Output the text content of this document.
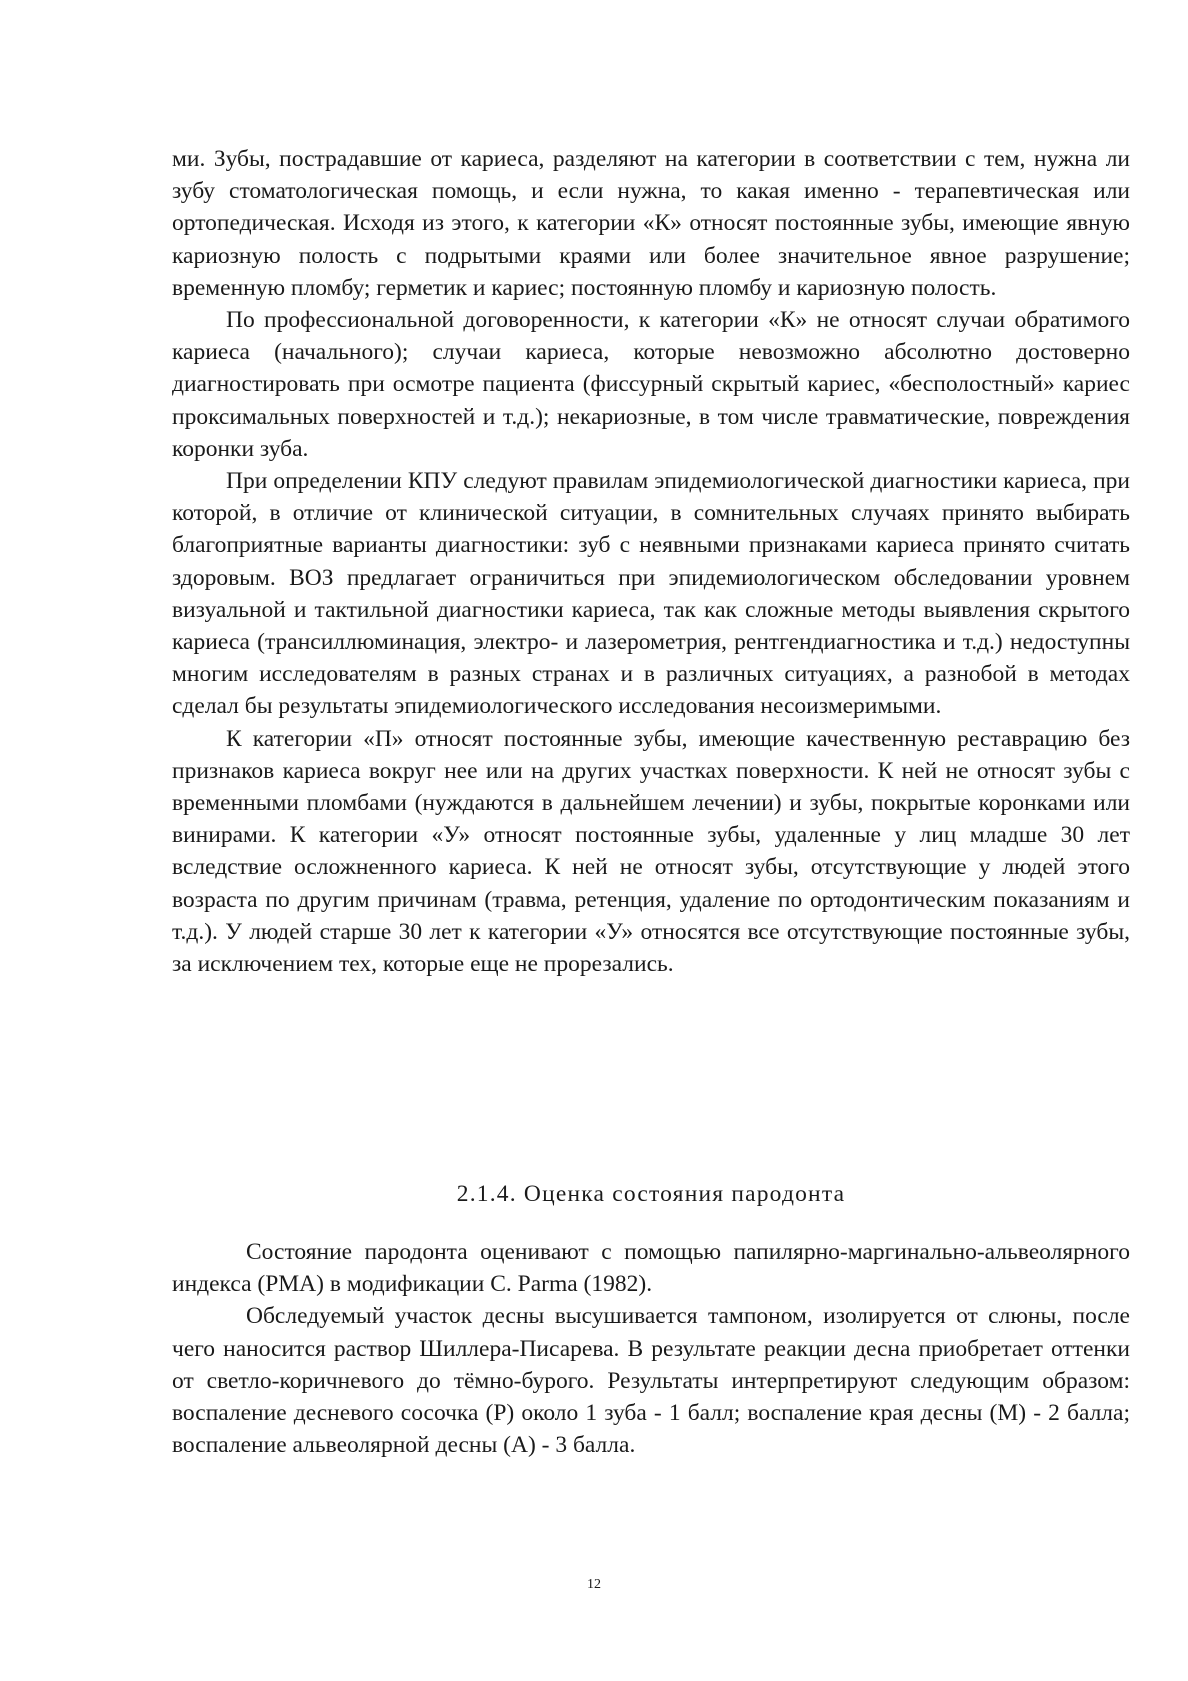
ми. Зубы, пострадавшие от кариеса, разделяют на категории в соответствии с тем, нужна ли зубу стоматологическая помощь, и если нужна, то какая именно - терапевтическая или ортопедическая. Исходя из этого, к категории «К» относят постоянные зубы, имеющие явную кариозную полость с подрытыми краями или более значительное явное разрушение; временную пломбу; герметик и кариес; постоянную пломбу и кариозную полость.

По профессиональной договоренности, к категории «К» не относят случаи обратимого кариеса (начального); случаи кариеса, которые невозможно абсолютно достоверно диагностировать при осмотре пациента (фиссурный скрытый кариес, «бесполостный» кариес проксимальных поверхностей и т.д.); некариозные, в том числе травматические, повреждения коронки зуба.

При определении КПУ следуют правилам эпидемиологической диагностики кариеса, при которой, в отличие от клинической ситуации, в сомнительных случаях принято выбирать благоприятные варианты диагностики: зуб с неявными признаками кариеса принято считать здоровым. ВОЗ предлагает ограничиться при эпидемиологическом обследовании уровнем визуальной и тактильной диагностики кариеса, так как сложные методы выявления скрытого кариеса (трансиллюминация, электро- и лазерометрия, рентгендиагностика и т.д.) недоступны многим исследователям в разных странах и в различных ситуациях, а разнобой в методах сделал бы результаты эпидемиологического исследования несоизмеримыми.

К категории «П» относят постоянные зубы, имеющие качественную реставрацию без признаков кариеса вокруг нее или на других участках поверхности. К ней не относят зубы с временными пломбами (нуждаются в дальнейшем лечении) и зубы, покрытые коронками или винирами. К категории «У» относят постоянные зубы, удаленные у лиц младше 30 лет вследствие осложненного кариеса. К ней не относят зубы, отсутствующие у людей этого возраста по другим причинам (травма, ретенция, удаление по ортодонтическим показаниям и т.д.). У людей старше 30 лет к категории «У» относятся все отсутствующие постоянные зубы, за исключением тех, которые еще не прорезались.

2.1.4. Оценка состояния пародонта

Состояние пародонта оценивают с помощью папилярно-маргинально-альвеолярного индекса (РМА) в модификации C. Parma (1982).

Обследуемый участок десны высушивается тампоном, изолируется от слюны, после чего наносится раствор Шиллера-Писарева. В результате реакции десна приобретает оттенки от светло-коричневого до тёмно-бурого. Результаты интерпретируют следующим образом: воспаление десневого сосочка (Р) около 1 зуба - 1 балл; воспаление края десны (М) - 2 балла; воспаление альвеолярной десны (А) - 3 балла.

12
